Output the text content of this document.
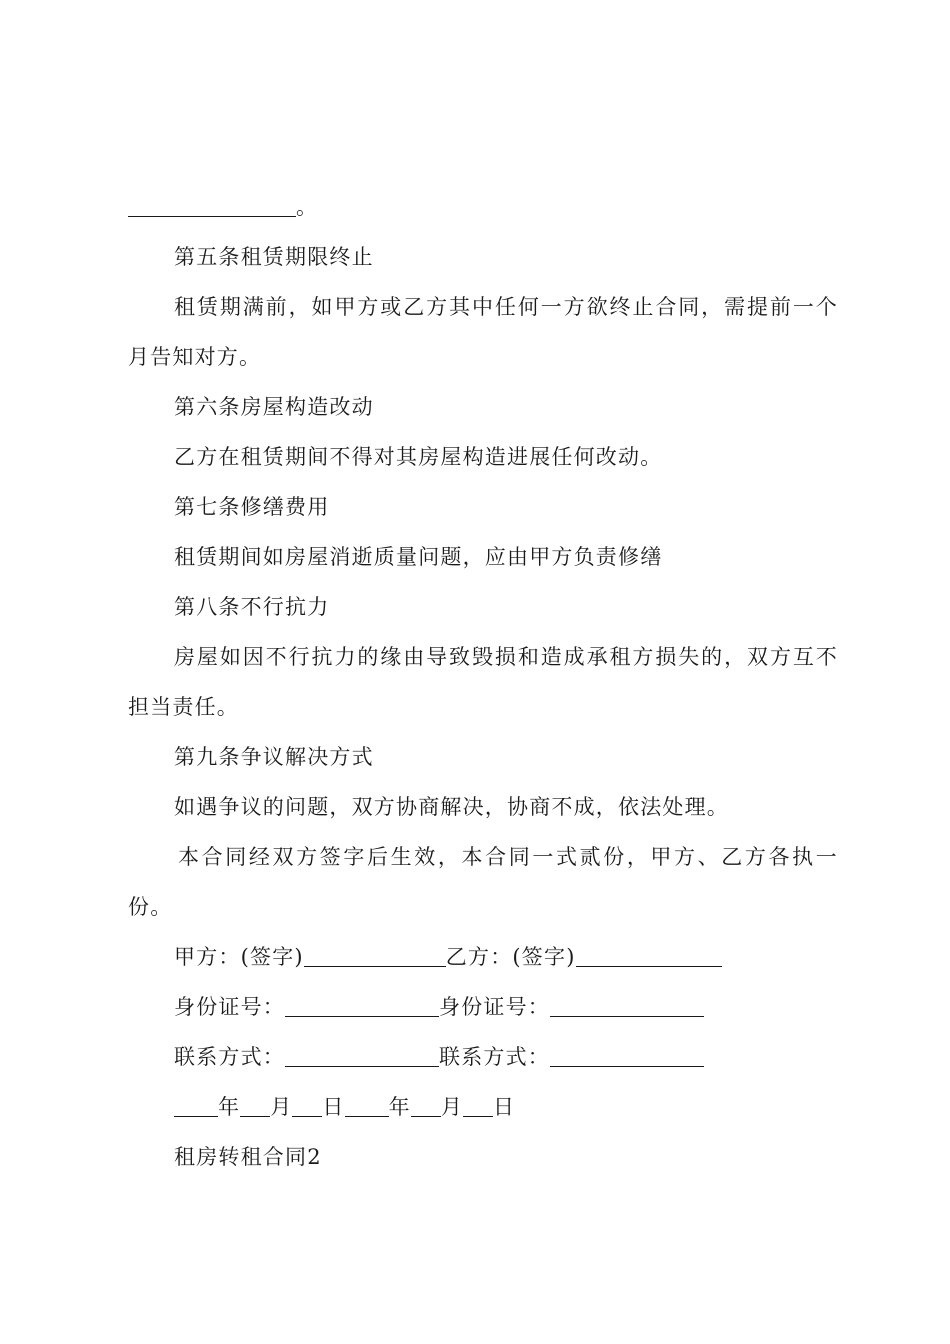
。
第五条租赁期限终止
租赁期满前，如甲方或乙方其中任何一方欲终止合同，需提前一个
月告知对方。
第六条房屋构造改动
乙方在租赁期间不得对其房屋构造进展任何改动。
第七条修缮费用
租赁期间如房屋消逝质量问题，应由甲方负责修缮
第八条不行抗力
房屋如因不行抗力的缘由导致毁损和造成承租方损失的，双方互不
担当责任。
第九条争议解决方式
如遇争议的问题，双方协商解决，协商不成，依法处理。
本合同经双方签字后生效，本合同一式贰份，甲方、乙方各执一
份。
甲方：(签字)	乙方：(签字)
身份证号：	身份证号：
联系方式：	联系方式：
年 月 日 年 月 日
租房转租合同2
